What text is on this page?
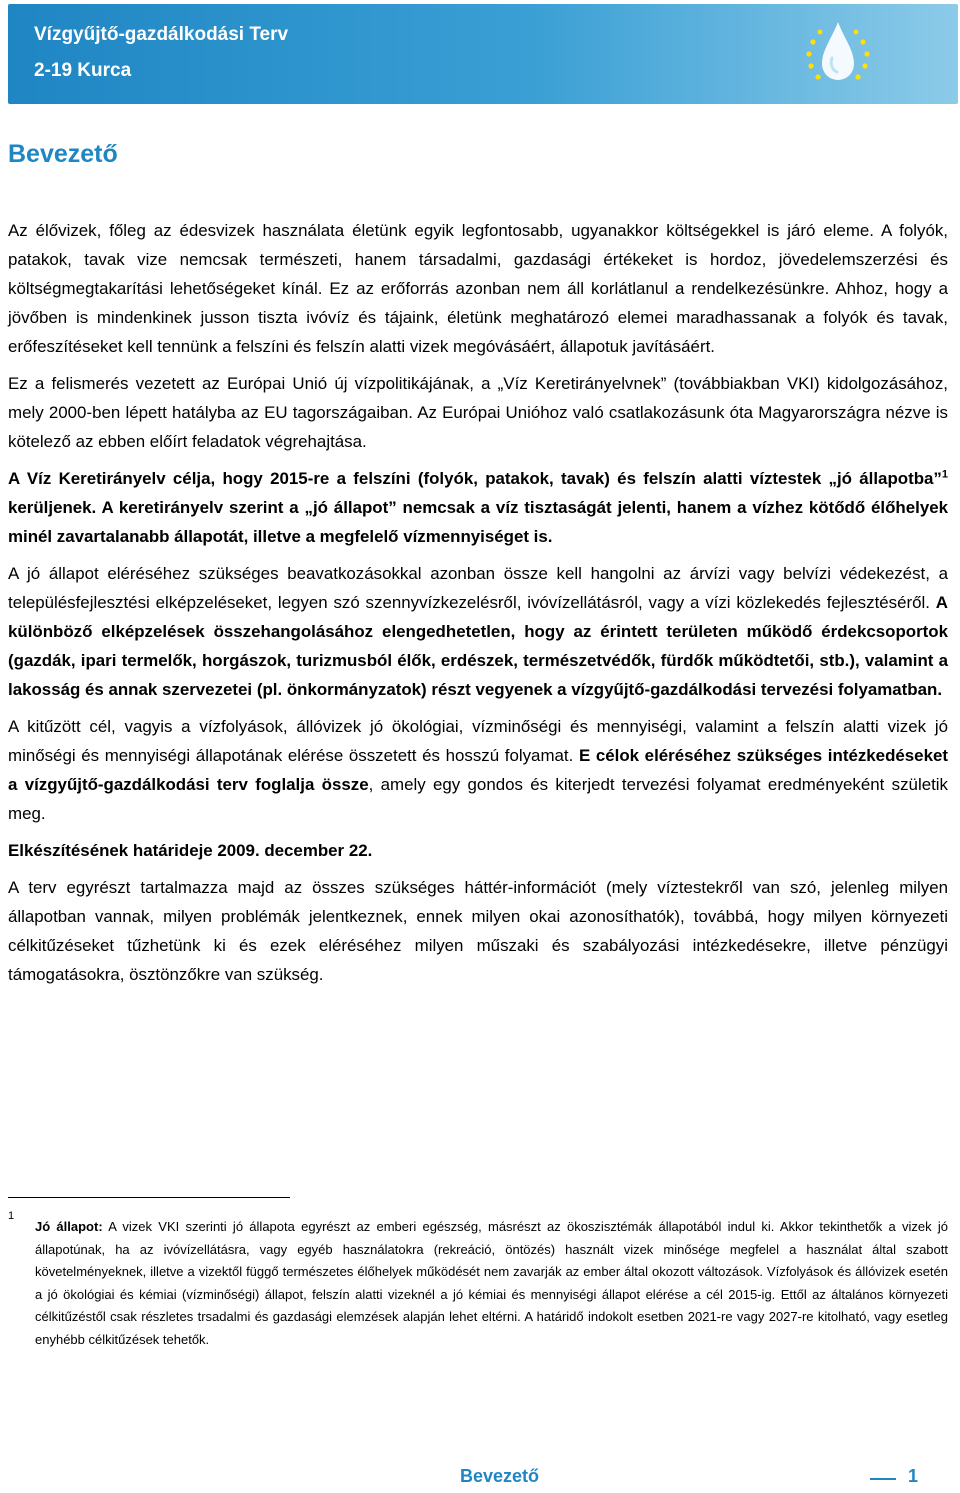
Vízgyűjtő-gazdálkodási Terv
2-19 Kurca
Bevezető

Az élővizek, főleg az édesvizek használata életünk egyik legfontosabb, ugyanakkor költségekkel is járó eleme. A folyók, patakok, tavak vize nemcsak természeti, hanem társadalmi, gazdasági értékeket is hordoz, jövedelemszerzési és költségmegtakarítási lehetőségeket kínál. Ez az erőforrás azonban nem áll korlátlanul a rendelkezésünkre. Ahhoz, hogy a jövőben is mindenkinek jusson tiszta ivóvíz és tájaink, életünk meghatározó elemei maradhassanak a folyók és tavak, erőfeszítéseket kell tennünk a felszíni és felszín alatti vizek megóvásáért, állapotuk javításáért.

Ez a felismerés vezetett az Európai Unió új vízpolitikájának, a „Víz Keretirányelvnek” (továbbiakban VKI) kidolgozásához, mely 2000-ben lépett hatályba az EU tagországaiban. Az Európai Unióhoz való csatlakozásunk óta Magyarországra nézve is kötelező az ebben előírt feladatok végrehajtása.

A Víz Keretirányelv célja, hogy 2015-re a felszíni (folyók, patakok, tavak) és felszín alatti víztestek „jó állapotba”$^1$ kerüljenek. A keretirányelv szerint a „jó állapot” nemcsak a víz tisztaságát jelenti, hanem a vízhez kötődő élőhelyek minél zavartalanabb állapotát, illetve a megfelelő vízmennyiséget is.

A jó állapot eléréséhez szükséges beavatkozásokkal azonban össze kell hangolni az árvízi vagy belvízi védekezést, a településfejlesztési elképzeléseket, legyen szó szennyvízkezelésről, ivóvízellátásról, vagy a vízi közlekedés fejlesztéséről. A különböző elképzelések összehangolásához elengedhetetlen, hogy az érintett területen működő érdekcsoportok (gazdák, ipari termelők, horgászok, turizmusból élők, erdészek, természetvédők, fürdők működtetői, stb.), valamint a lakosság és annak szervezetei (pl. önkormányzatok) részt vegyenek a vízgyűjtő-gazdálkodási tervezési folyamatban.

A kitűzött cél, vagyis a vízfolyások, állóvizek jó ökológiai, vízminőségi és mennyiségi, valamint a felszín alatti vizek jó minőségi és mennyiségi állapotának elérése összetett és hosszú folyamat. E célok eléréséhez szükséges intézkedéseket a vízgyűjtő-gazdálkodási terv foglalja össze, amely egy gondos és kiterjedt tervezési folyamat eredményeként születik meg.

Elkészítésének határideje 2009. december 22.

A terv egyrészt tartalmazza majd az összes szükséges háttér-információt (mely víztestekről van szó, jelenleg milyen állapotban vannak, milyen problémák jelentkeznek, ennek milyen okai azonosíthatók), továbbá, hogy milyen környezeti célkitűzéseket tűzhetünk ki és ezek eléréséhez milyen műszaki és szabályozási intézkedésekre, illetve pénzügyi támogatásokra, ösztönzőkre van szükség.

1
Jó állapot: A vizek VKI szerinti jó állapota egyrészt az emberi egészség, másrészt az ökoszisztémák állapotából indul ki. Akkor tekinthetők a vizek jó állapotúnak, ha az ivóvízellátásra, vagy egyéb használatokra (rekreáció, öntözés) használt vizek minősége megfelel a használat által szabott követelményeknek, illetve a vizektől függő természetes élőhelyek működését nem zavarják az ember által okozott változások. Vízfolyások és állóvizek esetén a jó ökológiai és kémiai (vízminőségi) állapot, felszín alatti vizeknél a jó kémiai és mennyiségi állapot elérése a cél 2015-ig. Ettől az általános környezeti célkitűzéstől csak részletes trsadalmi és gazdasági elemzések alapján lehet eltérni. A határidő indokolt esetben 2021-re vagy 2027-re kitolható, vagy esetleg enyhébb célkitűzések tehetők.
Bevezető	1
